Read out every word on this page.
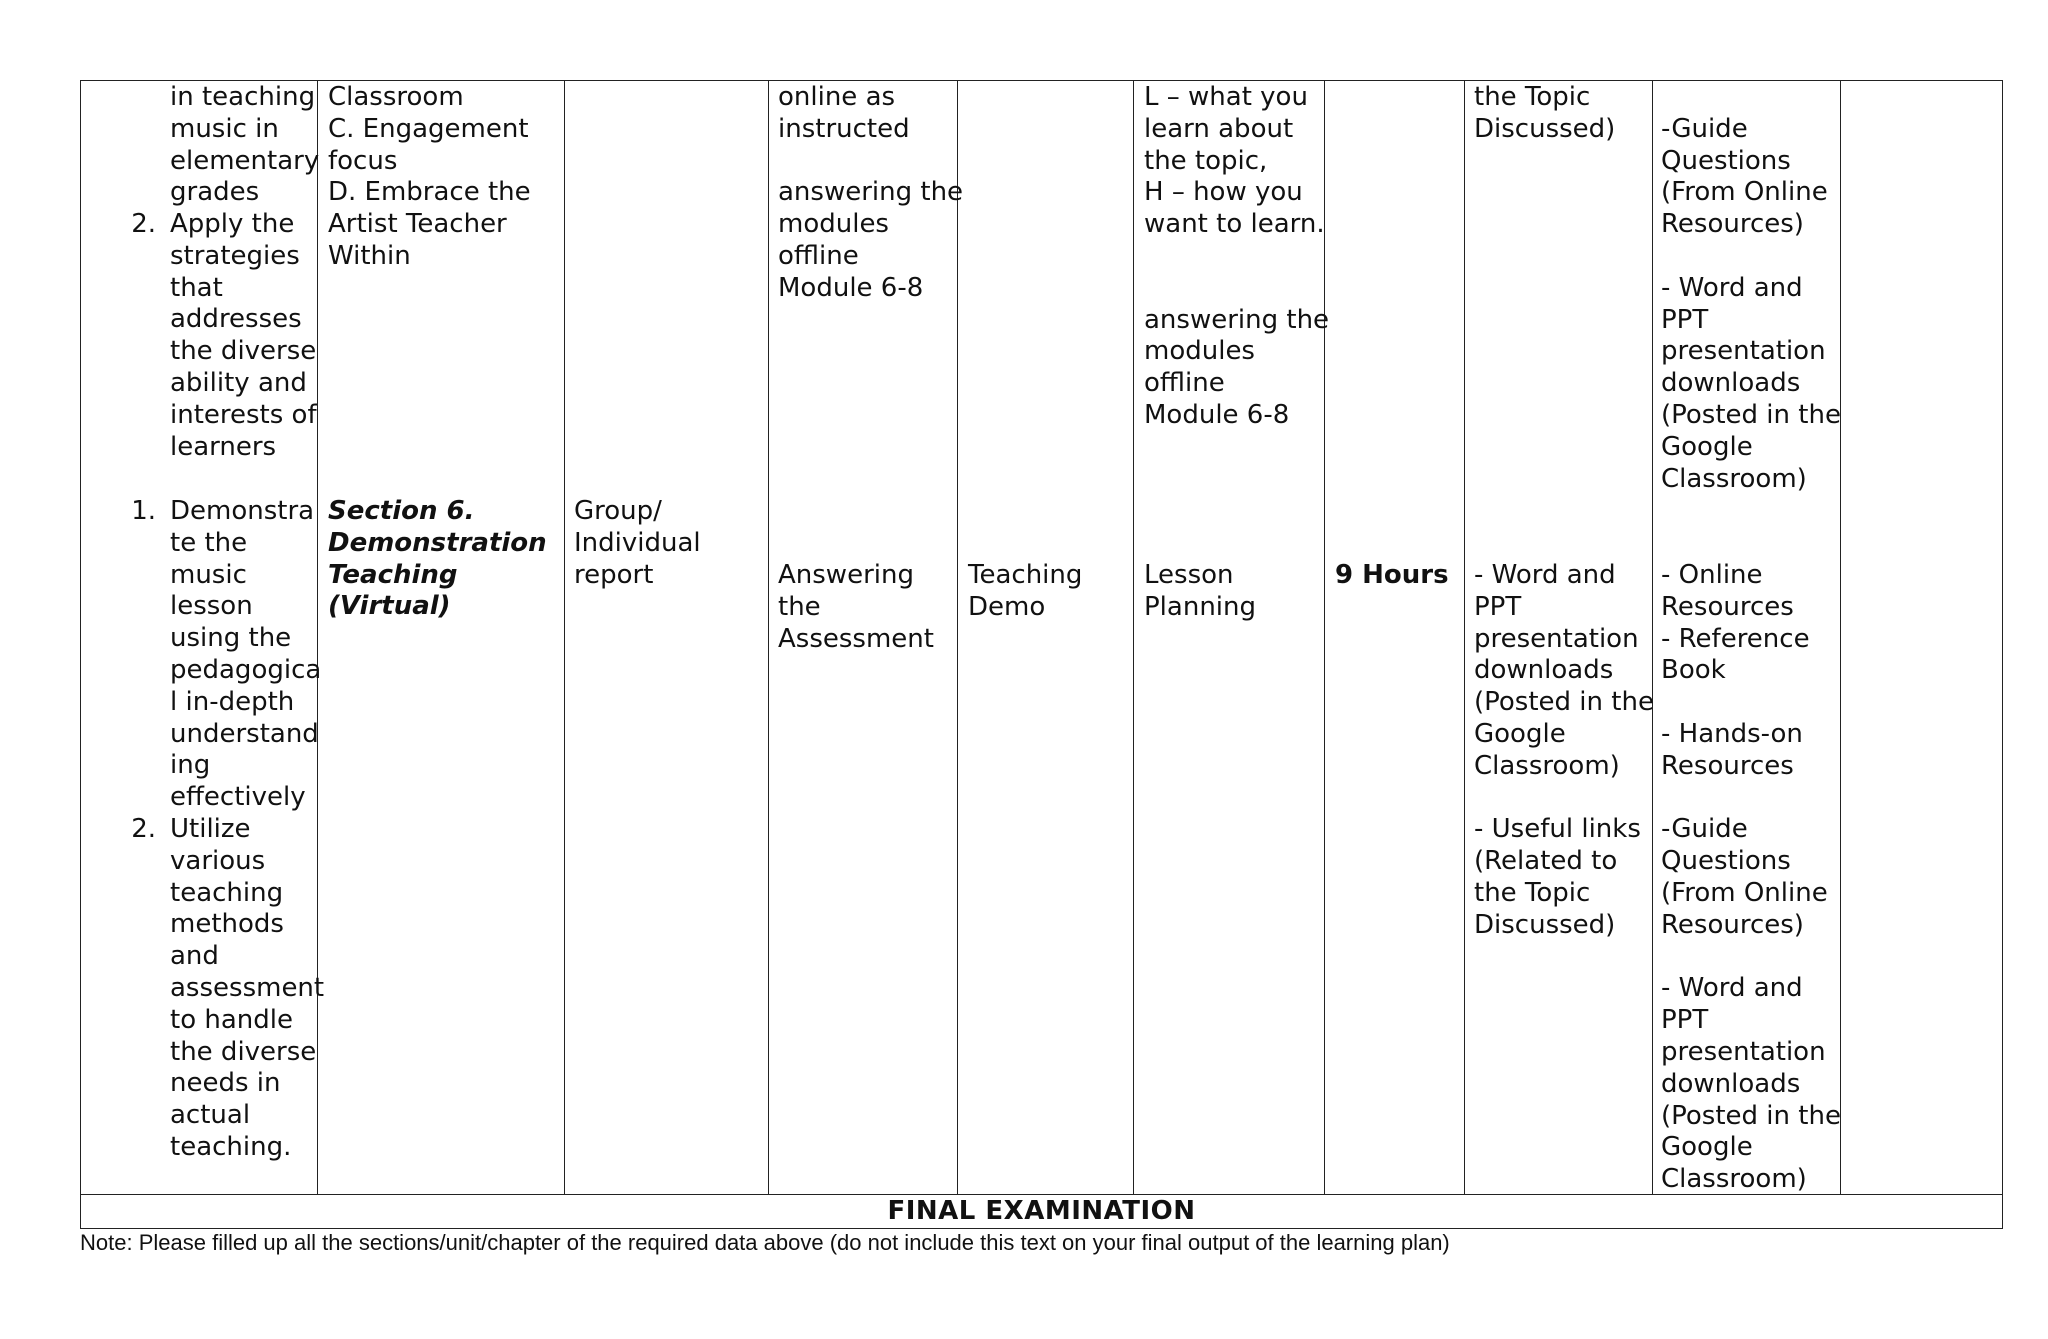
in teaching
music in
elementary
grades
2. Apply the
strategies
that
addresses
the diverse
ability and
interests of
learners
1. Demonstra
te the
music
lesson
using the
pedagogica
l in-depth
understand
ing
effectively
2. Utilize
various
teaching
methods
and
assessment
to handle
the diverse
needs in
actual
teaching.
Classroom
C. Engagement
focus
D. Embrace the
Artist Teacher
Within
Section 6.
Demonstration
Teaching
(Virtual)
Group/
Individual
report
online as
instructed

answering the
modules
offline
Module 6-8
Answering
the
Assessment
Teaching
Demo
L – what you
learn about
the topic,
H – how you
want to learn.

answering the
modules
offline
Module 6-8
Lesson
Planning
9 Hours
the Topic
Discussed)
- Word and
PPT
presentation
downloads
(Posted in the
Google
Classroom)

- Useful links
(Related to
the Topic
Discussed)

-Guide
Questions
(From Online
Resources)

- Word and
PPT
presentation
downloads
(Posted in the
Google
Classroom)
- Online
Resources
- Reference
Book

- Hands-on
Resources

-Guide
Questions
(From Online
Resources)

- Word and
PPT
presentation
downloads
(Posted in the
Google
Classroom)
FINAL EXAMINATION
Note: Please filled up all the sections/unit/chapter of the required data above (do not include this text on your final output of the learning plan)
